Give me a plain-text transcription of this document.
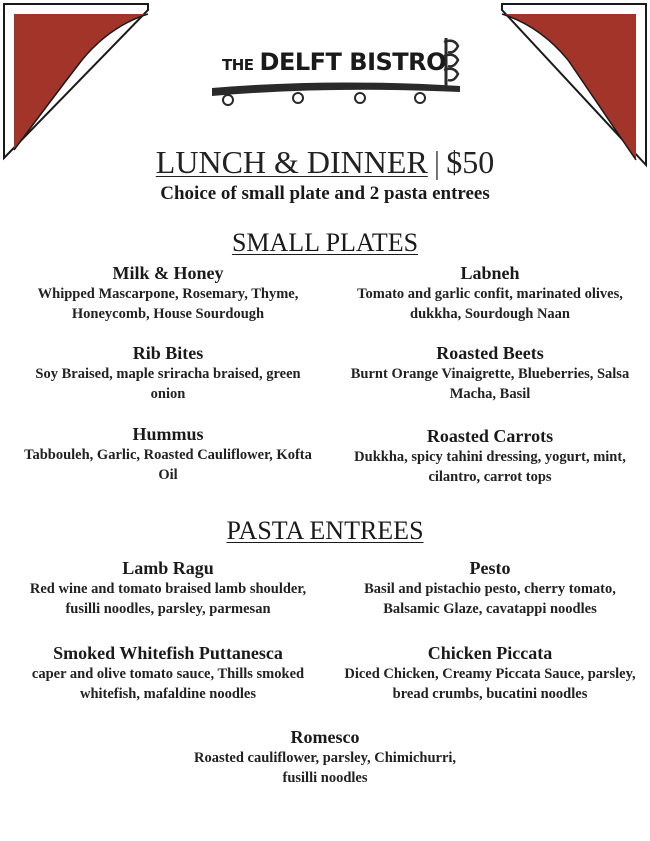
THE DELFT BISTRO
LUNCH & DINNER | $50
Choice of small plate and 2 pasta entrees
SMALL PLATES
Milk & Honey
Whipped Mascarpone, Rosemary, Thyme, Honeycomb, House Sourdough
Labneh
Tomato and garlic confit, marinated olives, dukkha, Sourdough Naan
Rib Bites
Soy Braised, maple sriracha braised, green onion
Roasted Beets
Burnt Orange Vinaigrette, Blueberries, Salsa Macha, Basil
Hummus
Tabbouleh, Garlic, Roasted Cauliflower, Kofta Oil
Roasted Carrots
Dukkha, spicy tahini dressing, yogurt, mint, cilantro, carrot tops
PASTA ENTREES
Lamb Ragu
Red wine and tomato braised lamb shoulder, fusilli noodles, parsley, parmesan
Pesto
Basil and pistachio pesto, cherry tomato, Balsamic Glaze, cavatappi noodles
Smoked Whitefish Puttanesca
caper and olive tomato sauce, Thills smoked whitefish, mafaldine noodles
Chicken Piccata
Diced Chicken, Creamy Piccata Sauce, parsley, bread crumbs, bucatini noodles
Romesco
Roasted cauliflower, parsley, Chimichurri, fusilli noodles
